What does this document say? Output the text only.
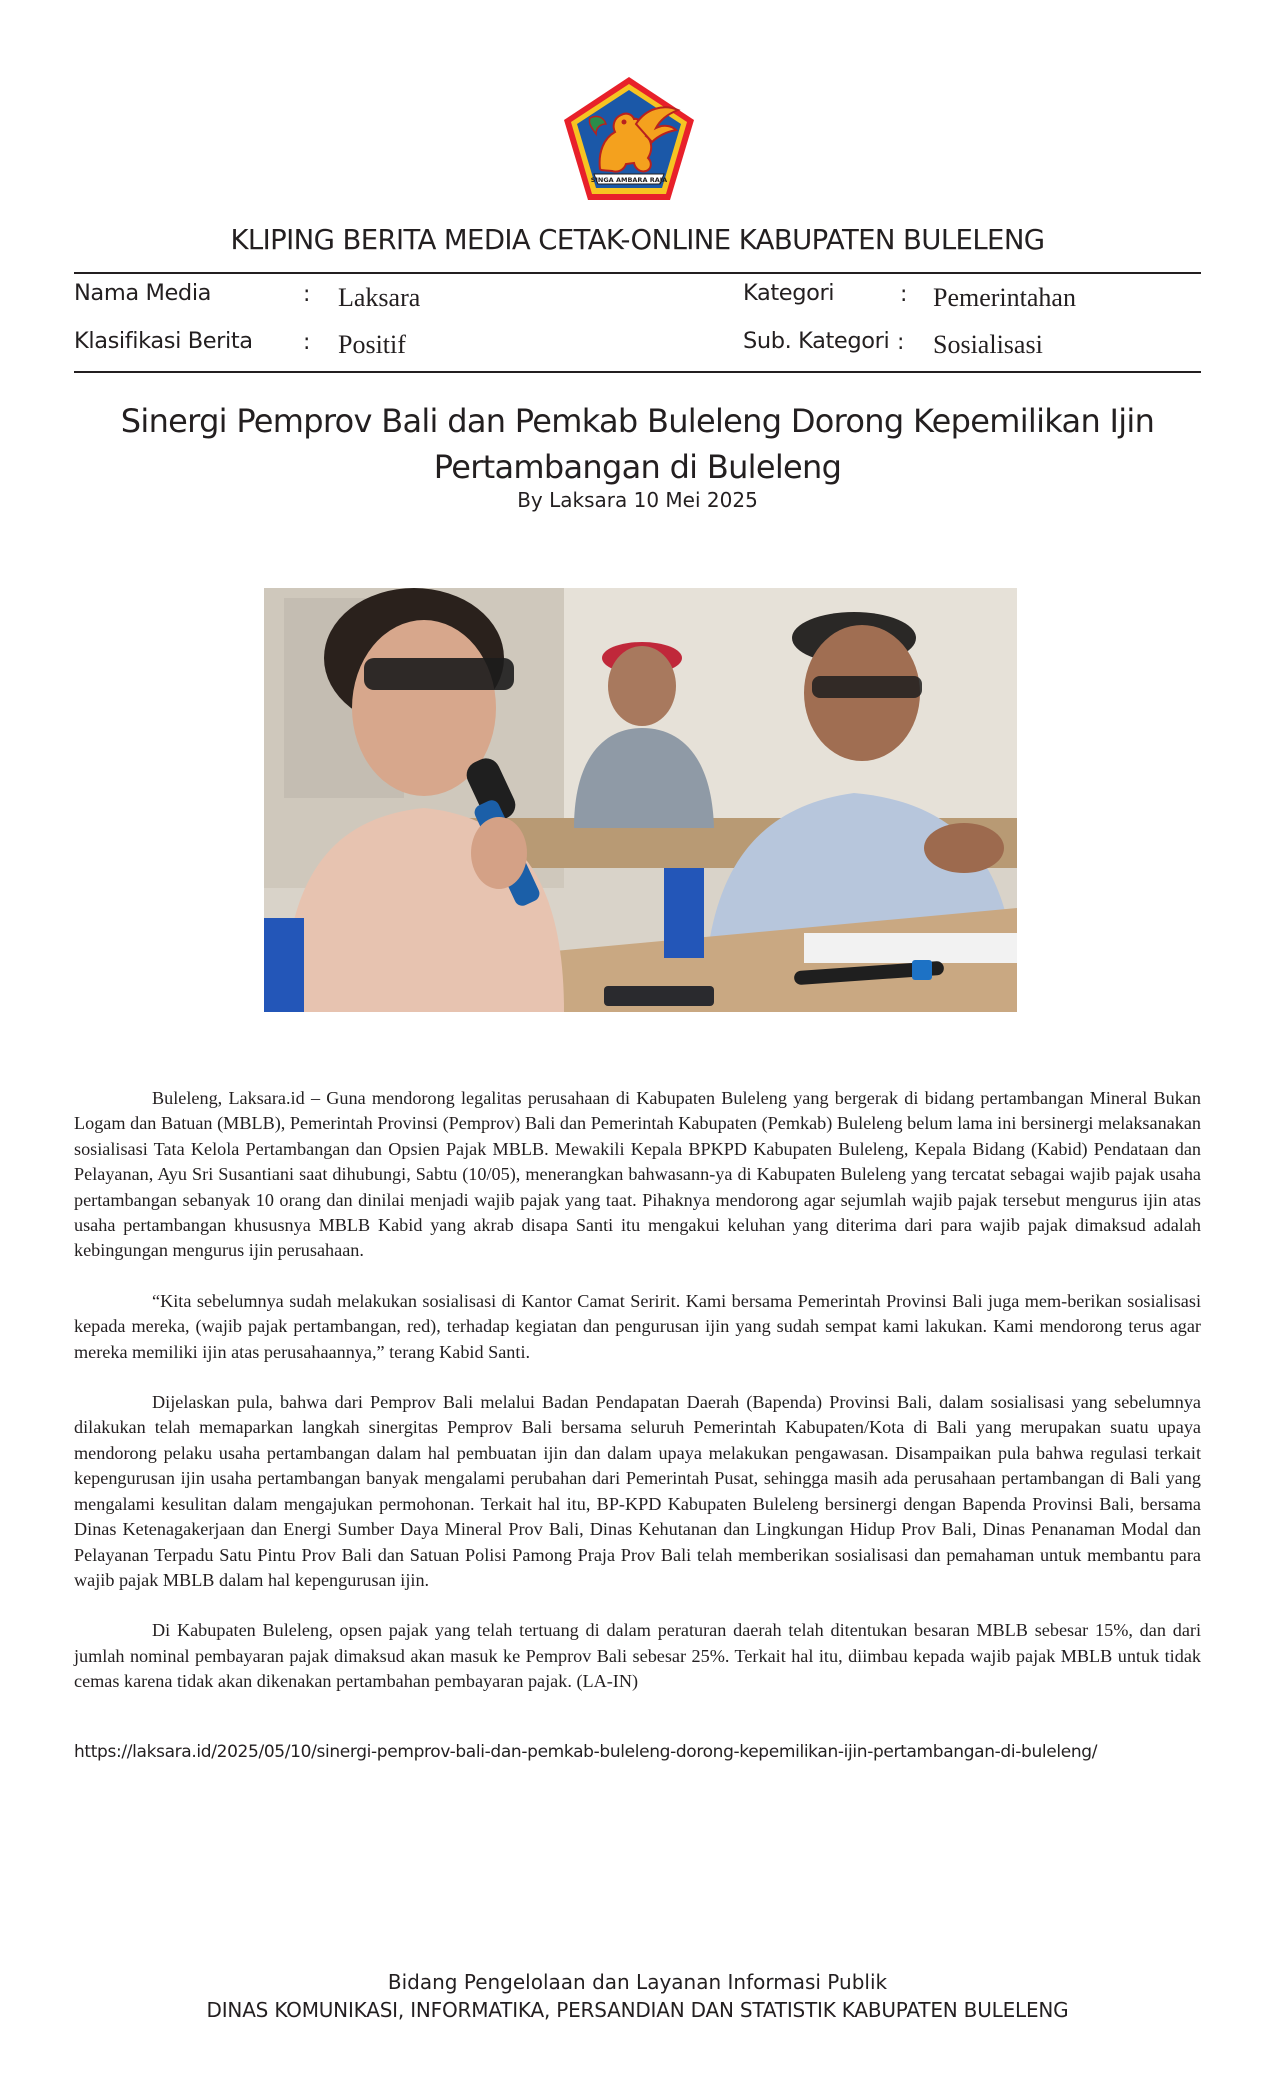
SINGA AMBARA RAJA
KLIPING BERITA MEDIA CETAK-ONLINE KABUPATEN BULELENG
Nama Media	: Laksara
Klasifikasi Berita : Positif
Kategori	: Pemerintahan
Sub. Kategori : Sosialisasi
Sinergi Pemprov Bali dan Pemkab Buleleng Dorong Kepemilikan Ijin Pertambangan di Buleleng
By Laksara 10 Mei 2025

Buleleng, Laksara.id – Guna mendorong legalitas perusahaan di Kabupaten Buleleng yang bergerak di bidang pertambangan Mineral Bukan Logam dan Batuan (MBLB), Pemerintah Provinsi (Pemprov) Bali dan Pemerintah Kabupaten (Pemkab) Buleleng belum lama ini bersinergi melaksanakan sosialisasi Tata Kelola Pertambangan dan Opsien Pajak MBLB. Mewakili Kepala BPKPD Kabupaten Buleleng, Kepala Bidang (Kabid) Pendataan dan Pelayanan, Ayu Sri Susantiani saat dihubungi, Sabtu (10/05), menerangkan bahwasann-ya di Kabupaten Buleleng yang tercatat sebagai wajib pajak usaha pertambangan sebanyak 10 orang dan dinilai menjadi wajib pajak yang taat. Pihaknya mendorong agar sejumlah wajib pajak tersebut mengurus ijin atas usaha pertambangan khususnya MBLB Kabid yang akrab disapa Santi itu mengakui keluhan yang diterima dari para wajib pajak dimaksud adalah kebingungan mengurus ijin perusahaan.

“Kita sebelumnya sudah melakukan sosialisasi di Kantor Camat Seririt. Kami bersama Pemerintah Provinsi Bali juga mem-berikan sosialisasi kepada mereka, (wajib pajak pertambangan, red), terhadap kegiatan dan pengurusan ijin yang sudah sempat kami lakukan. Kami mendorong terus agar mereka memiliki ijin atas perusahaannya,” terang Kabid Santi.

Dijelaskan pula, bahwa dari Pemprov Bali melalui Badan Pendapatan Daerah (Bapenda) Provinsi Bali, dalam sosialisasi yang sebelumnya dilakukan telah memaparkan langkah sinergitas Pemprov Bali bersama seluruh Pemerintah Kabupaten/Kota di Bali yang merupakan suatu upaya mendorong pelaku usaha pertambangan dalam hal pembuatan ijin dan dalam upaya melakukan pengawasan. Disampaikan pula bahwa regulasi terkait kepengurusan ijin usaha pertambangan banyak mengalami perubahan dari Pemerintah Pusat, sehingga masih ada perusahaan pertambangan di Bali yang mengalami kesulitan dalam mengajukan permohonan. Terkait hal itu, BP-KPD Kabupaten Buleleng bersinergi dengan Bapenda Provinsi Bali, bersama Dinas Ketenagakerjaan dan Energi Sumber Daya Mineral Prov Bali, Dinas Kehutanan dan Lingkungan Hidup Prov Bali, Dinas Penanaman Modal dan Pelayanan Terpadu Satu Pintu Prov Bali dan Satuan Polisi Pamong Praja Prov Bali telah memberikan sosialisasi dan pemahaman untuk membantu para wajib pajak MBLB dalam hal kepengurusan ijin.

Di Kabupaten Buleleng, opsen pajak yang telah tertuang di dalam peraturan daerah telah ditentukan besaran MBLB sebesar 15%, dan dari jumlah nominal pembayaran pajak dimaksud akan masuk ke Pemprov Bali sebesar 25%. Terkait hal itu, diimbau kepada wajib pajak MBLB untuk tidak cemas karena tidak akan dikenakan pertambahan pembayaran pajak. (LA-IN)

https://laksara.id/2025/05/10/sinergi-pemprov-bali-dan-pemkab-buleleng-dorong-kepemilikan-ijin-pertambangan-di-buleleng/
Bidang Pengelolaan dan Layanan Informasi Publik
DINAS KOMUNIKASI, INFORMATIKA, PERSANDIAN DAN STATISTIK KABUPATEN BULELENG
